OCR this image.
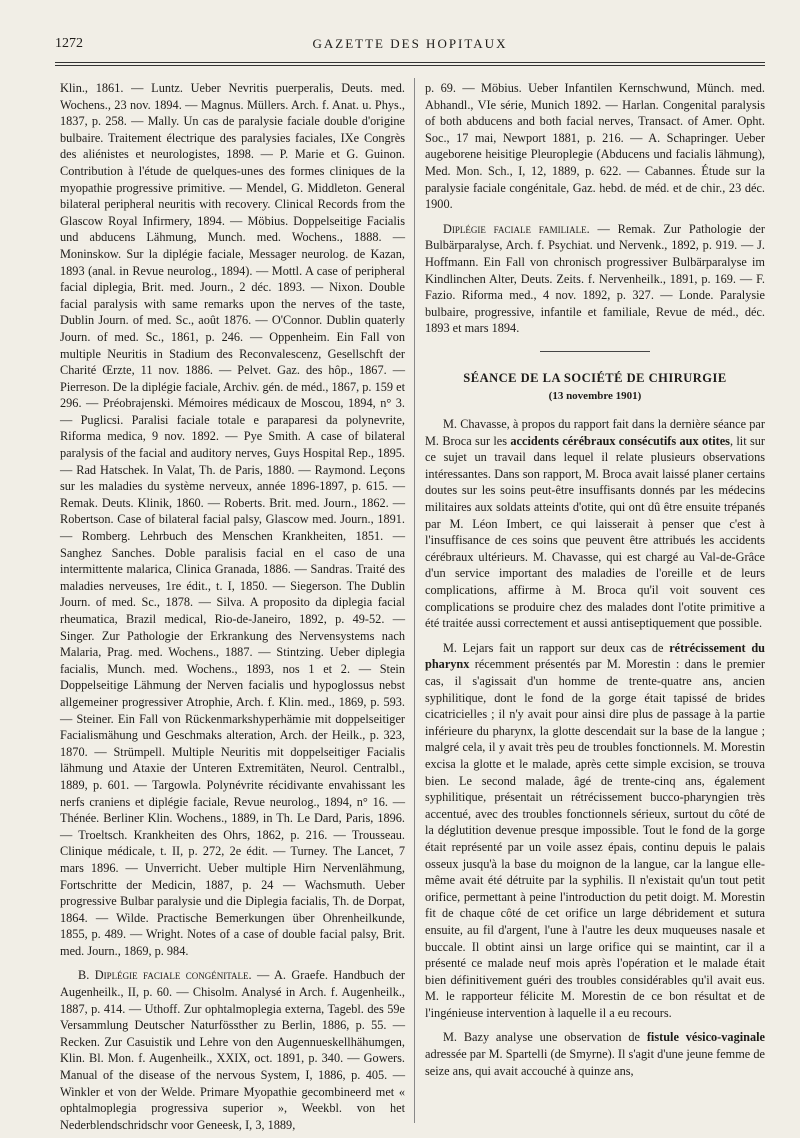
1272	GAZETTE DES HOPITAUX

Klin., 1861. — Luntz. Ueber Nevritis puerperalis, Deuts. med. Wochens., 23 nov. 1894. — Magnus. Müllers. Arch. f. Anat. u. Phys., 1837, p. 258. — Mally. Un cas de paralysie faciale double d'origine bulbaire. Traitement électrique des paralysies faciales, IXe Congrès des aliénistes et neurologistes, 1898. — P. Marie et G. Guinon. Contribution à l'étude de quelques-unes des formes cliniques de la myopathie progressive primitive. — Mendel, G. Middleton. General bilateral peripheral neuritis with recovery. Clinical Records from the Glascow Royal Infirmery, 1894. — Möbius. Doppelseitige Facialis und abducens Lähmung, Munch. med. Wochens., 1888. — Moninskow. Sur la diplégie faciale, Messager neurolog. de Kazan, 1893 (anal. in Revue neurolog., 1894). — Mottl. A case of peripheral facial diplegia, Brit. med. Journ., 2 déc. 1893. — Nixon. Double facial paralysis with same remarks upon the nerves of the taste, Dublin Journ. of med. Sc., août 1876. — O'Connor. Dublin quaterly Journ. of med. Sc., 1861, p. 246. — Oppenheim. Ein Fall von multiple Neuritis in Stadium des Reconvalescenz, Gesellschft der Charité Œrzte, 11 nov. 1886. — Pelvet. Gaz. des hôp., 1867. — Pierreson. De la diplégie faciale, Archiv. gén. de méd., 1867, p. 159 et 296. — Préobrajenski. Mémoires médicaux de Moscou, 1894, n° 3. — Puglicsi. Paralisi faciale totale e paraparesi da polynevrite, Riforma medica, 9 nov. 1892. — Pye Smith. A case of bilateral paralysis of the facial and auditory nerves, Guys Hospital Rep., 1895. — Rad Hatschek. In Valat, Th. de Paris, 1880. — Raymond. Leçons sur les maladies du système nerveux, année 1896-1897, p. 615. — Remak. Deuts. Klinik, 1860. — Roberts. Brit. med. Journ., 1862. — Robertson. Case of bilateral facial palsy, Glascow med. Journ., 1891. — Romberg. Lehrbuch des Menschen Krankheiten, 1851. — Sanghez Sanches. Doble paralisis facial en el caso de una intermittente malarica, Clinica Granada, 1886. — Sandras. Traité des maladies nerveuses, 1re édit., t. I, 1850. — Siegerson. The Dublin Journ. of med. Sc., 1878. — Silva. A proposito da diplegia facial rheumatica, Brazil medical, Rio-de-Janeiro, 1892, p. 49-52. — Singer. Zur Pathologie der Erkrankung des Nervensystems nach Malaria, Prag. med. Wochens., 1887. — Stintzing. Ueber diplegia facialis, Munch. med. Wochens., 1893, nos 1 et 2. — Stein Doppelseitige Lähmung der Nerven facialis und hypoglossus nebst allgemeiner progressiver Atrophie, Arch. f. Klin. med., 1869, p. 593. — Steiner. Ein Fall von Rückenmarkshyperhämie mit doppelseitiger Facialismähung und Geschmaks alteration, Arch. der Heilk., p. 323, 1870. — Strümpell. Multiple Neuritis mit doppelseitiger Facialis lähmung und Ataxie der Unteren Extremitäten, Neurol. Centralbl., 1889, p. 601. — Targowla. Polynévrite récidivante envahissant les nerfs craniens et diplégie faciale, Revue neurolog., 1894, n° 16. — Thénée. Berliner Klin. Wochens., 1889, in Th. Le Dard, Paris, 1896. — Troeltsch. Krankheiten des Ohrs, 1862, p. 216. — Trousseau. Clinique médicale, t. II, p. 272, 2e édit. — Turney. The Lancet, 7 mars 1896. — Unverricht. Ueber multiple Hirn Nervenlähmung, Fortschritte der Medicin, 1887, p. 24 — Wachsmuth. Ueber progressive Bulbar paralysie und die Diplegia facialis, Th. de Dorpat, 1864. — Wilde. Practische Bemerkungen über Ohrenheilkunde, 1855, p. 489. — Wright. Notes of a case of double facial palsy, Brit. med. Journ., 1869, p. 984.

B. Diplégie faciale congénitale. — A. Graefe. Handbuch der Augenheilk., II, p. 60. — Chisolm. Analysé in Arch. f. Augenheilk., 1887, p. 414. — Uthoff. Zur ophtalmoplegia externa, Tagebl. des 59e Versammlung Deutscher Naturfössther zu Berlin, 1886, p. 55. — Recken. Zur Casuistik und Lehre von den Augennueskellhähumgen, Klin. Bl. Mon. f. Augenheilk., XXIX, oct. 1891, p. 340. — Gowers. Manual of the disease of the nervous System, I, 1886, p. 405. — Winkler et von der Welde. Primare Myopathie gecombineerd met « ophtalmoplegia progressiva superior », Weekbl. von het Nederblendschridschr voor Geneesk, I, 3, 1889,

p. 69. — Möbius. Ueber Infantilen Kernschwund, Münch. med. Abhandl., VIe série, Munich 1892. — Harlan. Congenital paralysis of both abducens and both facial nerves, Transact. of Amer. Opht. Soc., 17 mai, Newport 1881, p. 216. — A. Schapringer. Ueber augeborene heisitige Pleuroplegie (Abducens und facialis lähmung), Med. Mon. Sch., I, 12, 1889, p. 622. — Cabannes. Étude sur la paralysie faciale congénitale, Gaz. hebd. de méd. et de chir., 23 déc. 1900.

Diplégie faciale familiale. — Remak. Zur Pathologie der Bulbärparalyse, Arch. f. Psychiat. und Nervenk., 1892, p. 919. — J. Hoffmann. Ein Fall von chronisch progressiver Bulbärparalyse im Kindlinchen Alter, Deuts. Zeits. f. Nervenheilk., 1891, p. 169. — F. Fazio. Riforma med., 4 nov. 1892, p. 327. — Londe. Paralysie bulbaire, progressive, infantile et familiale, Revue de méd., déc. 1893 et mars 1894.

SÉANCE DE LA SOCIÉTÉ DE CHIRURGIE
(13 novembre 1901)

M. Chavasse, à propos du rapport fait dans la dernière séance par M. Broca sur les accidents cérébraux consécutifs aux otites, lit sur ce sujet un travail dans lequel il relate plusieurs observations intéressantes. Dans son rapport, M. Broca avait laissé planer certains doutes sur les soins peut-être insuffisants donnés par les médecins militaires aux soldats atteints d'otite, qui ont dû être ensuite trépanés par M. Léon Imbert, ce qui laisserait à penser que c'est à l'insuffisance de ces soins que peuvent être attribués les accidents cérébraux ultérieurs. M. Chavasse, qui est chargé au Val-de-Grâce d'un service important des maladies de l'oreille et de leurs complications, affirme à M. Broca qu'il voit souvent ces complications se produire chez des malades dont l'otite primitive a été traitée aussi correctement et aussi antiseptiquement que possible.

M. Lejars fait un rapport sur deux cas de rétrécissement du pharynx récemment présentés par M. Morestin : dans le premier cas, il s'agissait d'un homme de trente-quatre ans, ancien syphilitique, dont le fond de la gorge était tapissé de brides cicatricielles ; il n'y avait pour ainsi dire plus de passage à la partie inférieure du pharynx, la glotte descendait sur la base de la langue ; malgré cela, il y avait très peu de troubles fonctionnels. M. Morestin excisa la glotte et le malade, après cette simple excision, se trouva bien. Le second malade, âgé de trente-cinq ans, également syphilitique, présentait un rétrécissement bucco-pharyngien très accentué, avec des troubles fonctionnels sérieux, surtout du côté de la déglutition devenue presque impossible. Tout le fond de la gorge était représenté par un voile assez épais, continu depuis le palais osseux jusqu'à la base du moignon de la langue, car la langue elle-même avait été détruite par la syphilis. Il n'existait qu'un tout petit orifice, permettant à peine l'introduction du petit doigt. M. Morestin fit de chaque côté de cet orifice un large débridement et sutura ensuite, au fil d'argent, l'une à l'autre les deux muqueuses nasale et buccale. Il obtint ainsi un large orifice qui se maintint, car il a présenté ce malade neuf mois après l'opération et le malade était bien définitivement guéri des troubles considérables qu'il avait eus. M. le rapporteur félicite M. Morestin de ce bon résultat et de l'ingénieuse intervention à laquelle il a eu recours.

M. Bazy analyse une observation de fistule vésico-vaginale adressée par M. Spartelli (de Smyrne). Il s'agit d'une jeune femme de seize ans, qui avait accouché à quinze ans,
